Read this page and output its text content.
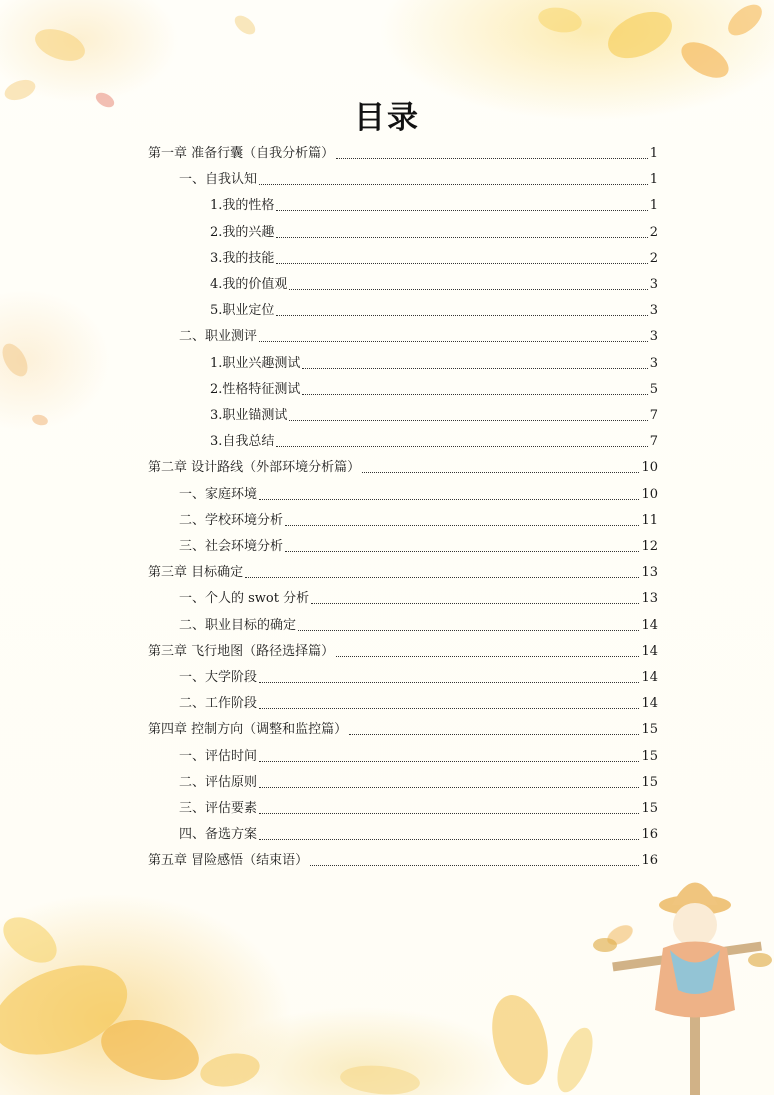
目录
第一章 准备行囊（自我分析篇）	1
一、自我认知	1
1.我的性格	1
2.我的兴趣	2
3.我的技能	2
4.我的价值观	3
5.职业定位	3
二、职业测评	3
1.职业兴趣测试	3
2.性格特征测试	5
3.职业锚测试	7
3.自我总结	7
第二章 设计路线（外部环境分析篇）	10
一、家庭环境	10
二、学校环境分析	11
三、社会环境分析	12
第三章 目标确定	13
一、个人的 swot 分析	13
二、职业目标的确定	14
第三章 飞行地图（路径选择篇）	14
一、大学阶段	14
二、工作阶段	14
第四章 控制方向（调整和监控篇）	15
一、评估时间	15
二、评估原则	15
三、评估要素	15
四、备选方案	16
第五章 冒险感悟（结束语）	16
